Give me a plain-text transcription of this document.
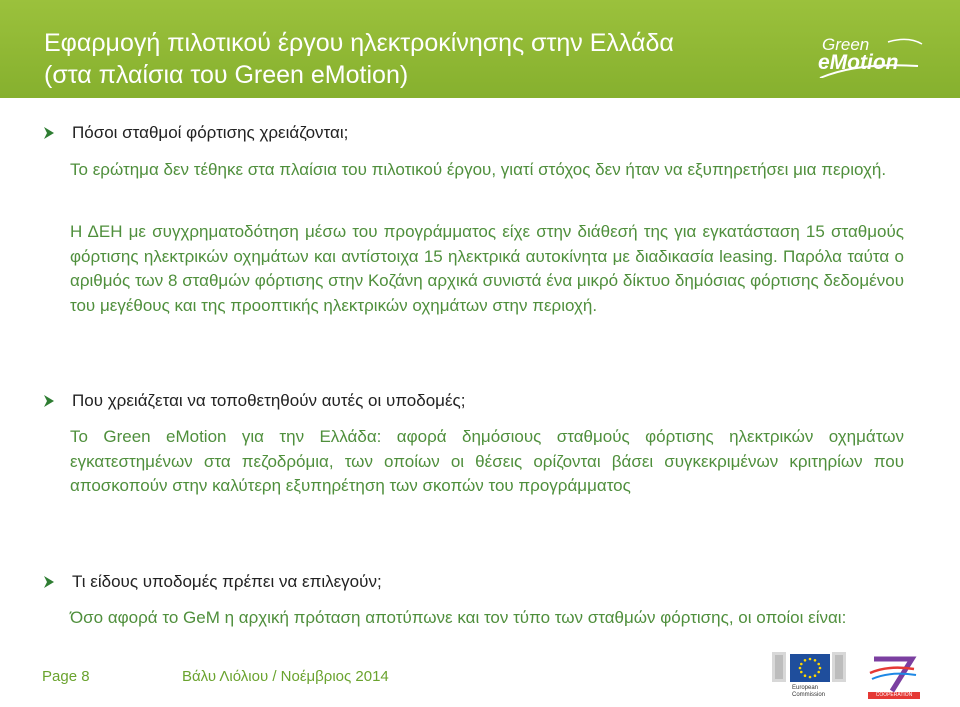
Εφαρμογή πιλοτικού έργου ηλεκτροκίνησης στην Ελλάδα
(στα πλαίσια του Green eMotion)
Green
eMotion
Πόσοι σταθμοί φόρτισης χρειάζονται;
Το ερώτημα δεν τέθηκε στα πλαίσια του πιλοτικού έργου, γιατί στόχος δεν ήταν να εξυπηρετήσει μια περιοχή.
Η ΔΕΗ με συγχρηματοδότηση μέσω του προγράμματος είχε στην διάθεσή της για εγκατάσταση 15 σταθμούς φόρτισης ηλεκτρικών οχημάτων και αντίστοιχα 15 ηλεκτρικά αυτοκίνητα με διαδικασία leasing. Παρόλα ταύτα ο αριθμός των 8 σταθμών φόρτισης στην Κοζάνη αρχικά συνιστά ένα μικρό δίκτυο δημόσιας φόρτισης δεδομένου του μεγέθους και της προοπτικής ηλεκτρικών οχημάτων στην περιοχή.
Που χρειάζεται να τοποθετηθούν αυτές οι υποδομές;
Το Green eMotion για την Ελλάδα: αφορά δημόσιους σταθμούς φόρτισης ηλεκτρικών οχημάτων εγκατεστημένων στα πεζοδρόμια, των οποίων οι θέσεις ορίζονται βάσει συγκεκριμένων κριτηρίων που αποσκοπούν στην καλύτερη εξυπηρέτηση των σκοπών του προγράμματος
Τι είδους υποδομές πρέπει να επιλεγούν;
Όσο αφορά το GeM η αρχική πρόταση αποτύπωνε και τον τύπο των σταθμών φόρτισης, οι οποίοι είναι:
Page 8	Βάλυ Λιόλιου / Νοέμβριος 2014
European
Commission	COOPERATION
